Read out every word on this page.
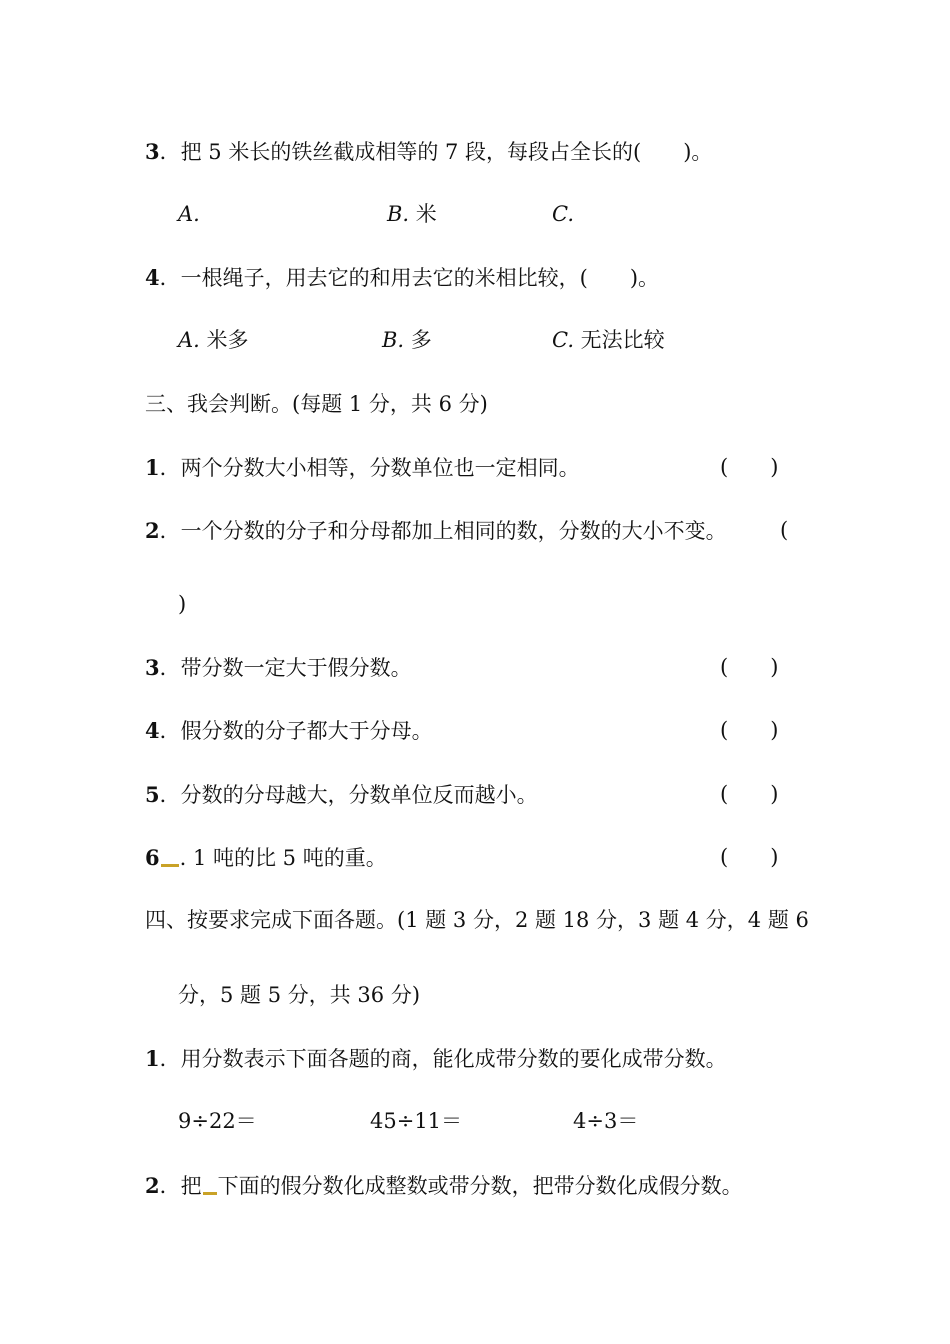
3．把 5 米长的铁丝截成相等的 7 段，每段占全长的(　　)。
A.	B. 米	C.
4．一根绳子，用去它的和用去它的米相比较，(　　)。
A. 米多	B. 多	C. 无法比较
三、我会判断。(每题 1 分，共 6 分)
1．两个分数大小相等，分数单位也一定相同。	(　　)
2．一个分数的分子和分母都加上相同的数，分数的大小不变。	(
)
3．带分数一定大于假分数。	(　　)
4．假分数的分子都大于分母。	(　　)
5．分数的分母越大，分数单位反而越小。	(　　)
6 . 1 吨的比 5 吨的重。	(　　)
四、按要求完成下面各题。(1 题 3 分，2 题 18 分，3 题 4 分，4 题 6
分，5 题 5 分，共 36 分)
1．用分数表示下面各题的商，能化成带分数的要化成带分数。
9÷22＝	45÷11＝	4÷3＝
2．把 下面的假分数化成整数或带分数，把带分数化成假分数。
